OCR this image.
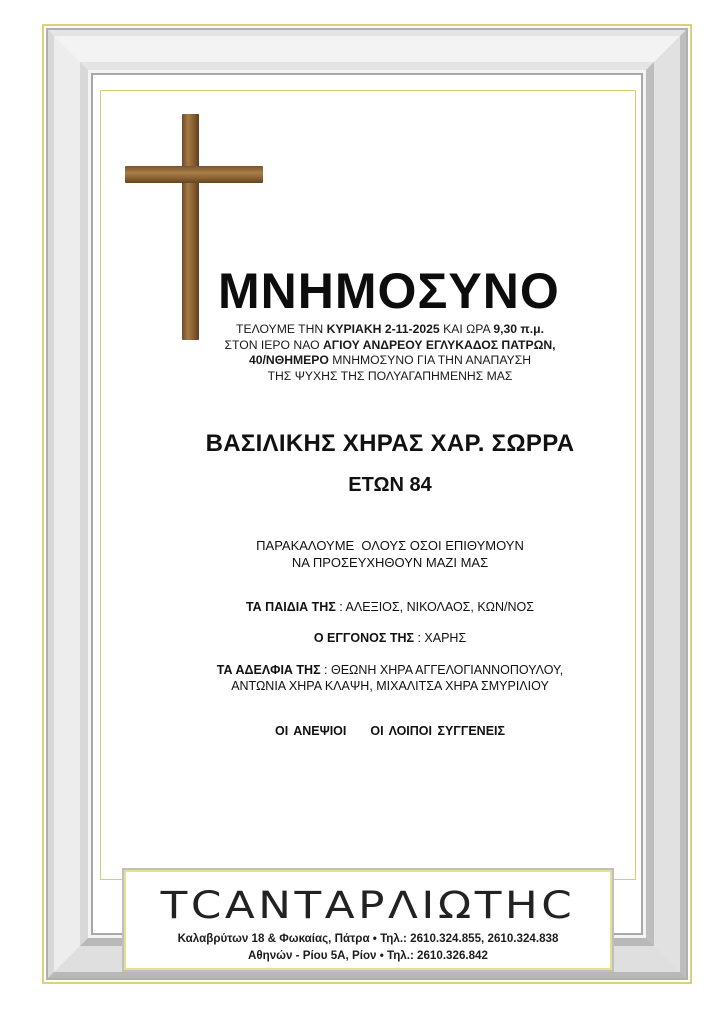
ΜΝΗΜΟΣΥΝΟ
ΤΕΛΟΥΜΕ ΤΗΝ ΚΥΡΙΑΚΗ 2-11-2025 ΚΑΙ ΩΡΑ 9,30 π.μ.
ΣΤΟΝ ΙΕΡΟ ΝΑΟ ΑΓΙΟΥ ΑΝΔΡΕΟΥ ΕΓΛΥΚΑΔΟΣ ΠΑΤΡΩΝ,
40/ΝΘΗΜΕΡΟ ΜΝΗΜΟΣΥΝΟ ΓΙΑ ΤΗΝ ΑΝΑΠΑΥΣΗ
ΤΗΣ ΨΥΧΗΣ ΤΗΣ ΠΟΛΥΑΓΑΠΗΜΕΝΗΣ ΜΑΣ
ΒΑΣΙΛΙΚΗΣ ΧΗΡΑΣ ΧΑΡ. ΣΩΡΡΑ
ΕΤΩΝ 84
ΠΑΡΑΚΑΛΟΥΜΕ  ΟΛΟΥΣ ΟΣΟΙ ΕΠΙΘΥΜΟΥΝ
ΝΑ ΠΡΟΣΕΥΧΗΘΟΥΝ ΜΑΖΙ ΜΑΣ
ΤΑ ΠΑΙΔΙΑ ΤΗΣ : ΑΛΕΞΙΟΣ, ΝΙΚΟΛΑΟΣ, ΚΩΝ/ΝΟΣ
Ο ΕΓΓΟΝΟΣ ΤΗΣ : ΧΑΡΗΣ
ΤΑ ΑΔΕΛΦΙΑ ΤΗΣ : ΘΕΩΝΗ ΧΗΡΑ ΑΓΓΕΛΟΓΙΑΝΝΟΠΟΥΛΟΥ,
ΑΝΤΩΝΙΑ ΧΗΡΑ ΚΛΑΨΗ, ΜΙΧΑΛΙΤΣΑ ΧΗΡΑ ΣΜΥΡΙΛΙΟΥ
ΟΙ ΑΝΕΨΙΟΙ ΟΙ ΛΟΙΠΟΙ ΣΥΓΓΕΝΕΙΣ
ΤCΑΝΤΑΡΛΙΩΤΗC
Καλαβρύτων 18 & Φωκαίας, Πάτρα • Τηλ.: 2610.324.855, 2610.324.838
Αθηνών - Ρίου 5Α, Ρίον • Τηλ.: 2610.326.842
